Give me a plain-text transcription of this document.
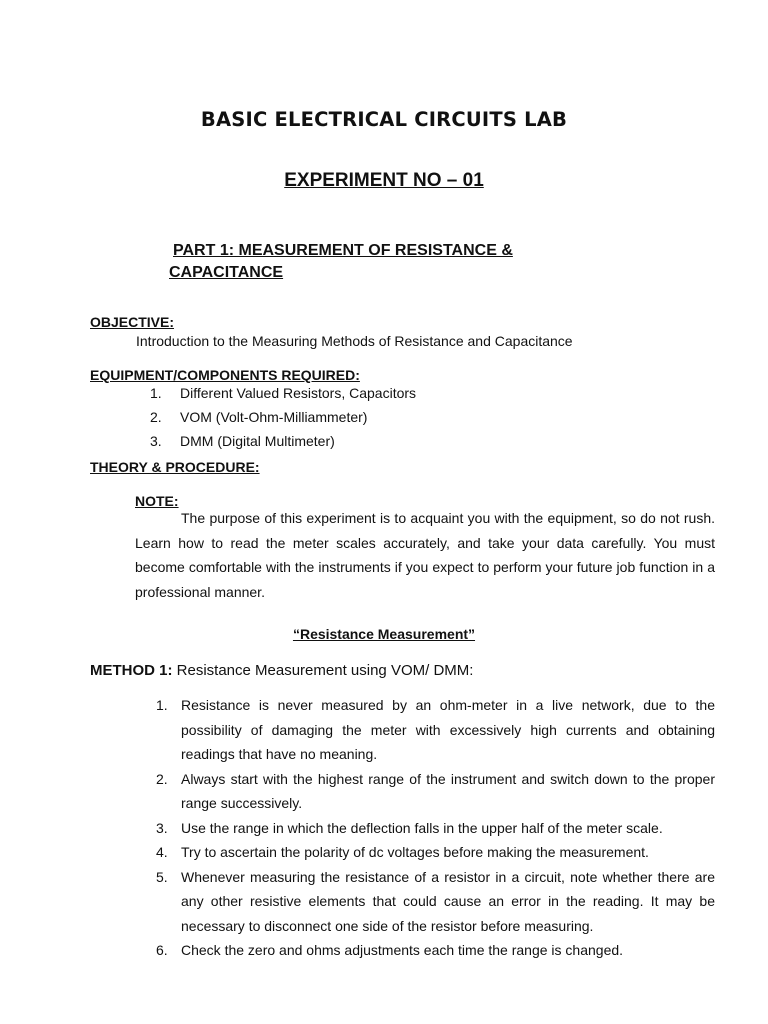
BASIC ELECTRICAL CIRCUITS LAB
EXPERIMENT NO – 01
PART 1: MEASUREMENT OF RESISTANCE &
CAPACITANCE
OBJECTIVE:
Introduction to the Measuring Methods of Resistance and Capacitance
EQUIPMENT/COMPONENTS REQUIRED:
1. Different Valued Resistors, Capacitors
2. VOM (Volt-Ohm-Milliammeter)
3. DMM (Digital Multimeter)
THEORY & PROCEDURE:
NOTE:
The purpose of this experiment is to acquaint you with the equipment, so do not rush. Learn how to read the meter scales accurately, and take your data carefully. You must become comfortable with the instruments if you expect to perform your future job function in a professional manner.
“Resistance Measurement”
METHOD 1: Resistance Measurement using VOM/ DMM:
1. Resistance is never measured by an ohm-meter in a live network, due to the possibility of damaging the meter with excessively high currents and obtaining readings that have no meaning.
2. Always start with the highest range of the instrument and switch down to the proper range successively.
3. Use the range in which the deflection falls in the upper half of the meter scale.
4. Try to ascertain the polarity of dc voltages before making the measurement.
5. Whenever measuring the resistance of a resistor in a circuit, note whether there are any other resistive elements that could cause an error in the reading. It may be necessary to disconnect one side of the resistor before measuring.
6. Check the zero and ohms adjustments each time the range is changed.
